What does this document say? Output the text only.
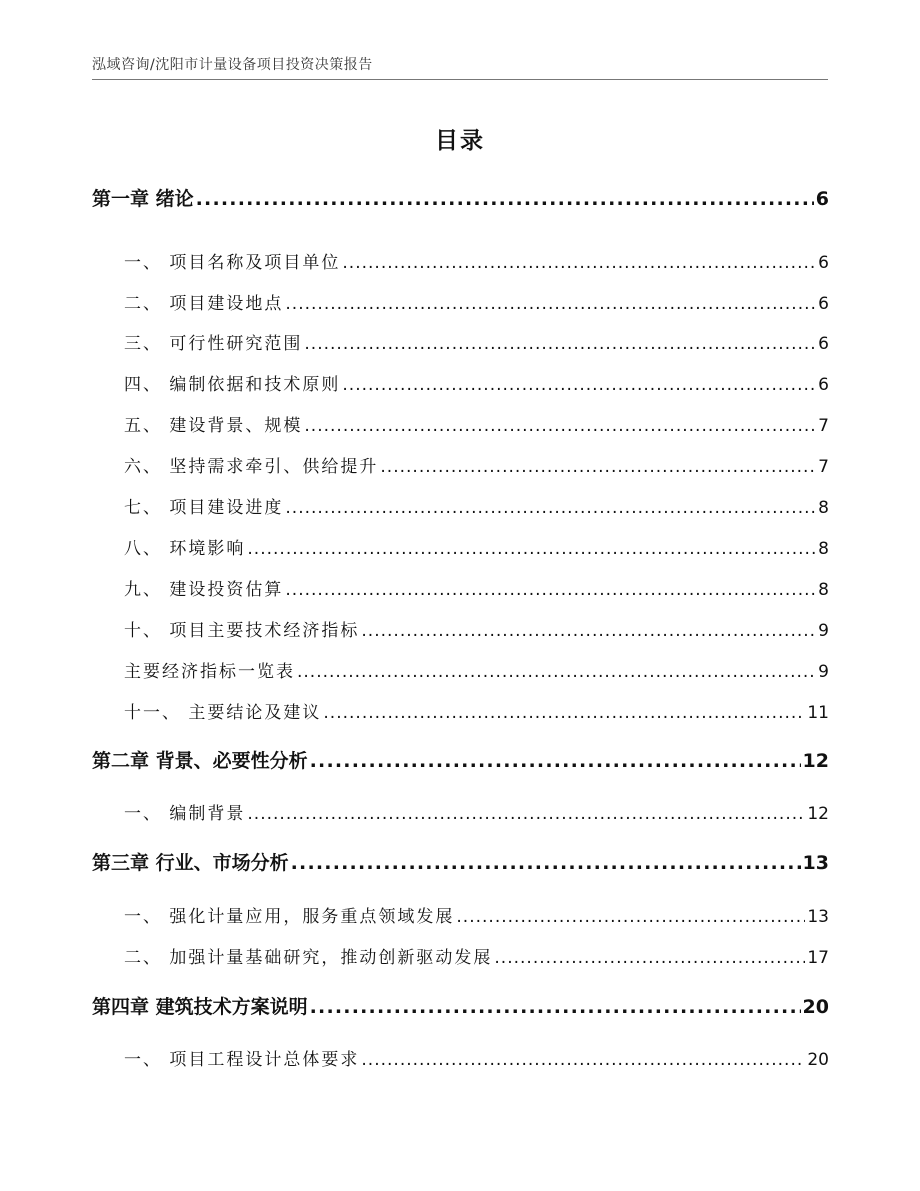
泓域咨询/沈阳市计量设备项目投资决策报告
目录
第一章 绪论 .....	6
一、 项目名称及项目单位 .....	6
二、 项目建设地点 .....	6
三、 可行性研究范围 .....	6
四、 编制依据和技术原则 .....	6
五、 建设背景、规模 .....	7
六、 坚持需求牵引、供给提升 .....	7
七、 项目建设进度 .....	8
八、 环境影响 .....	8
九、 建设投资估算 .....	8
十、 项目主要技术经济指标 .....	9
主要经济指标一览表 .....	9
十一、 主要结论及建议 .....	11
第二章 背景、必要性分析 .....	12
一、 编制背景 .....	12
第三章 行业、市场分析 .....	13
一、 强化计量应用，服务重点领域发展 .....	13
二、 加强计量基础研究，推动创新驱动发展 .....	17
第四章 建筑技术方案说明 .....	20
一、 项目工程设计总体要求 .....	20
